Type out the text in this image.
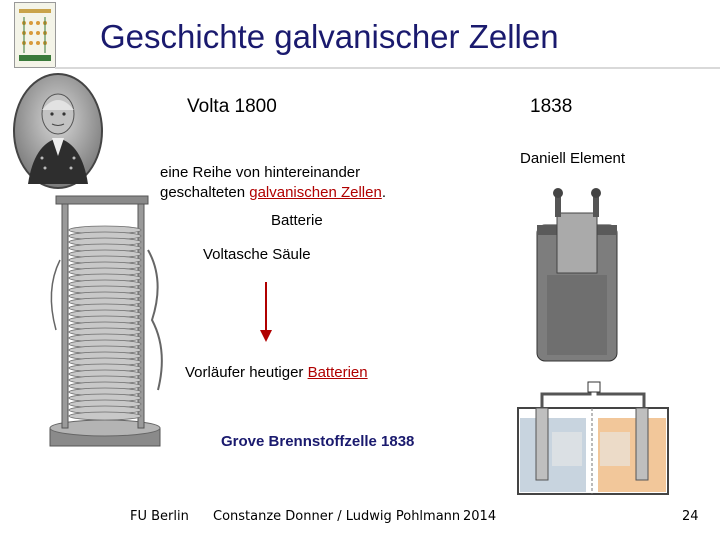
Geschichte galvanischer Zellen
Volta 1800	1838
Daniell Element
eine Reihe von hintereinander
geschalteten galvanischen Zellen.
Batterie
Voltasche Säule
Vorläufer heutiger Batterien
Grove Brennstoffzelle 1838
FU Berlin Constanze Donner / Ludwig Pohlmann 2014	24
